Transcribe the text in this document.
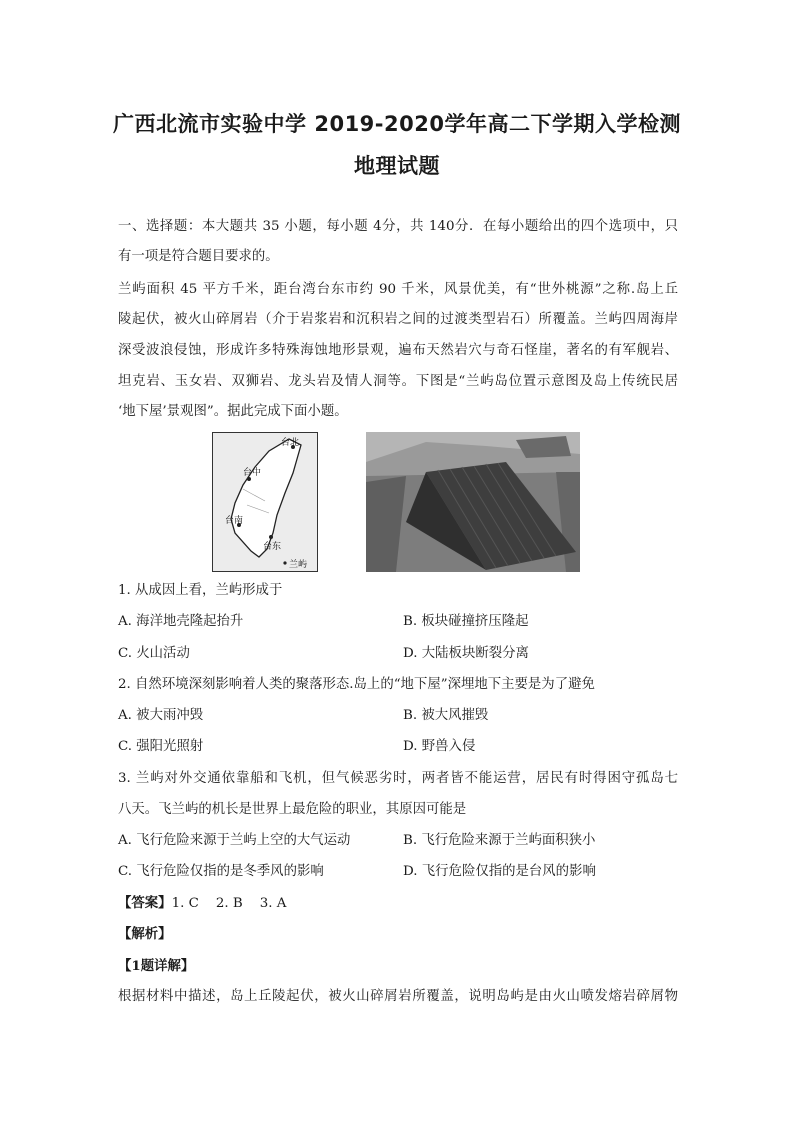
广西北流市实验中学 2019-2020学年高二下学期入学检测
地理试题
一、选择题：本大题共 35 小题，每小题 4分，共 140分．在每小题给出的四个选项中，只
有一项是符合题目要求的。
兰屿面积 45 平方千米，距台湾台东市约 90 千米，风景优美，有“世外桃源”之称.岛上丘
陵起伏，被火山碎屑岩（介于岩浆岩和沉积岩之间的过渡类型岩石）所覆盖。兰屿四周海岸
深受波浪侵蚀，形成许多特殊海蚀地形景观，遍布天然岩穴与奇石怪崖，著名的有军舰岩、
坦克岩、玉女岩、双狮岩、龙头岩及情人洞等。下图是“兰屿岛位置示意图及岛上传统民居
‘地下屋’景观图”。据此完成下面小题。
台北
台中
台南
台东
兰屿
1. 从成因上看，兰屿形成于
A. 海洋地壳隆起抬升	B. 板块碰撞挤压隆起
C. 火山活动	D. 大陆板块断裂分离
2. 自然环境深刻影响着人类的聚落形态.岛上的“地下屋”深埋地下主要是为了避免
A. 被大雨冲毁	B. 被大风摧毁
C. 强阳光照射	D. 野兽入侵
3. 兰屿对外交通依靠船和飞机，但气候恶劣时，两者皆不能运营，居民有时得困守孤岛七
八天。飞兰屿的机长是世界上最危险的职业，其原因可能是
A. 飞行危险来源于兰屿上空的大气运动	B. 飞行危险来源于兰屿面积狭小
C. 飞行危险仅指的是冬季风的影响	D. 飞行危险仅指的是台风的影响
【答案】1. C    2. B    3. A
【解析】
【1题详解】
根据材料中描述，岛上丘陵起伏，被火山碎屑岩所覆盖，说明岛屿是由火山喷发熔岩碎屑物
